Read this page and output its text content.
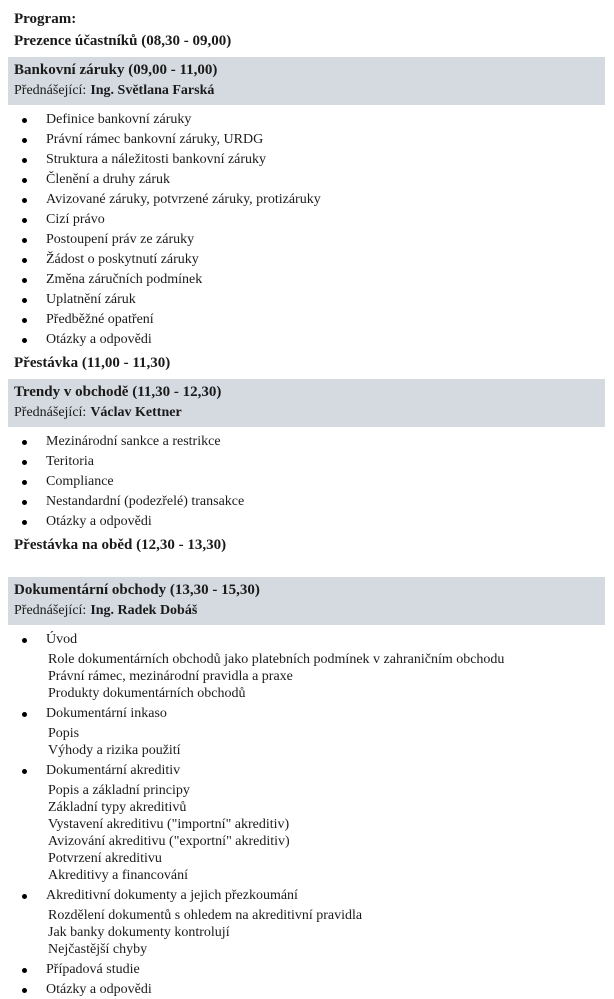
Program:
Prezence účastníků (08,30 - 09,00)
Bankovní záruky (09,00 - 11,00)
Přednášející: Ing. Světlana Farská
Definice bankovní záruky
Právní rámec bankovní záruky, URDG
Struktura a náležitosti bankovní záruky
Členění a druhy záruk
Avizované záruky, potvrzené záruky, protizáruky
Cizí právo
Postoupení práv ze záruky
Žádost o poskytnutí záruky
Změna záručních podmínek
Uplatnění záruk
Předběžné opatření
Otázky a odpovědi
Přestávka (11,00 - 11,30)
Trendy v obchodě (11,30 - 12,30)
Přednášející: Václav Kettner
Mezinárodní sankce a restrikce
Teritoria
Compliance
Nestandardní (podezřelé) transakce
Otázky a odpovědi
Přestávka na oběd (12,30 - 13,30)
Dokumentární obchody (13,30 - 15,30)
Přednášející: Ing. Radek Dobáš
Úvod
Role dokumentárních obchodů jako platebních podmínek v zahraničním obchodu
Právní rámec, mezinárodní pravidla a praxe
Produkty dokumentárních obchodů
Dokumentární inkaso
Popis
Výhody a rizika použití
Dokumentární akreditiv
Popis a základní principy
Základní typy akreditivů
Vystavení akreditivu ("importní" akreditiv)
Avizování akreditivu ("exportní" akreditiv)
Potvrzení akreditivu
Akreditivy a financování
Akreditivní dokumenty a jejich přezkoumání
Rozdělení dokumentů s ohledem na akreditivní pravidla
Jak banky dokumenty kontrolují
Nejčastější chyby
Případová studie
Otázky a odpovědi
